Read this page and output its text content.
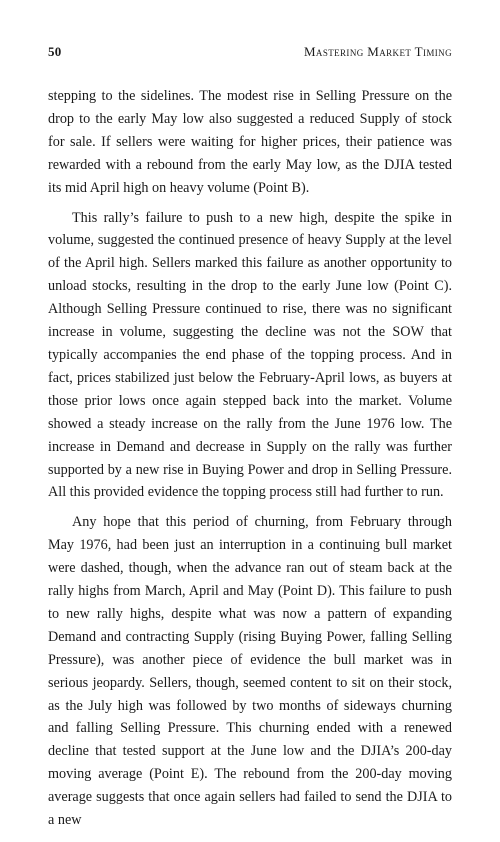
50	Mastering Market Timing

stepping to the sidelines. The modest rise in Selling Pressure on the drop to the early May low also suggested a reduced Supply of stock for sale. If sellers were waiting for higher prices, their patience was rewarded with a rebound from the early May low, as the DJIA tested its mid April high on heavy volume (Point B).

This rally’s failure to push to a new high, despite the spike in volume, suggested the continued presence of heavy Supply at the level of the April high. Sellers marked this failure as another opportunity to unload stocks, resulting in the drop to the early June low (Point C). Although Selling Pressure continued to rise, there was no significant increase in volume, suggesting the decline was not the SOW that typically accompanies the end phase of the topping process. And in fact, prices stabilized just below the February-April lows, as buyers at those prior lows once again stepped back into the market. Volume showed a steady increase on the rally from the June 1976 low. The increase in Demand and decrease in Supply on the rally was further supported by a new rise in Buying Power and drop in Selling Pressure. All this provided evidence the topping process still had further to run.

Any hope that this period of churning, from February through May 1976, had been just an interruption in a continuing bull market were dashed, though, when the advance ran out of steam back at the rally highs from March, April and May (Point D). This failure to push to new rally highs, despite what was now a pattern of expanding Demand and contracting Supply (rising Buying Power, falling Selling Pressure), was another piece of evidence the bull market was in serious jeopardy. Sellers, though, seemed content to sit on their stock, as the July high was followed by two months of sideways churning and falling Selling Pressure. This churning ended with a renewed decline that tested support at the June low and the DJIA’s 200-day moving average (Point E). The rebound from the 200-day moving average suggests that once again sellers had failed to send the DJIA to a new
